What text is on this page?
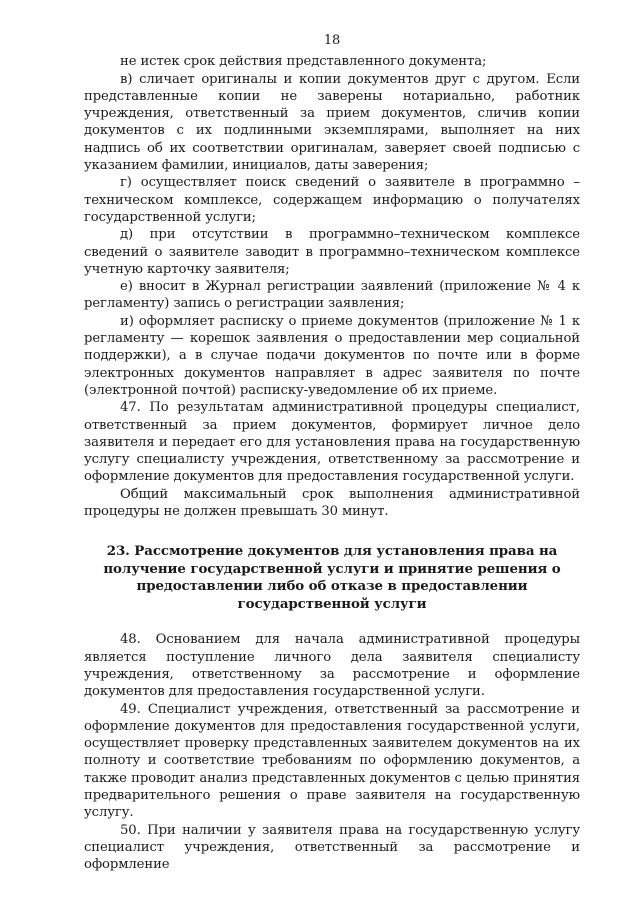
18

не истек срок действия представленного документа;

в) сличает оригиналы и копии документов друг с другом. Если представленные копии не заверены нотариально, работник учреждения, ответственный за прием документов, сличив копии документов с их подлинными экземплярами, выполняет на них надпись об их соответствии оригиналам, заверяет своей подписью с указанием фамилии, инициалов, даты заверения;

г) осуществляет поиск сведений о заявителе в программно – техническом комплексе, содержащем информацию о получателях государственной услуги;

д) при отсутствии в программно–техническом комплексе сведений о заявителе заводит в программно–техническом комплексе учетную карточку заявителя;

е) вносит в Журнал регистрации заявлений (приложение № 4 к регламенту) запись о регистрации заявления;

и) оформляет расписку о приеме документов (приложение № 1 к регламенту — корешок заявления о предоставлении мер социальной поддержки), а в случае подачи документов по почте или в форме электронных документов направляет в адрес заявителя по почте (электронной почтой) расписку-уведомление об их приеме.

47. По результатам административной процедуры специалист, ответственный за прием документов, формирует личное дело заявителя и передает его для установления права на государственную услугу специалисту учреждения, ответственному за рассмотрение и оформление документов для предоставления государственной услуги.

Общий максимальный срок выполнения административной процедуры не должен превышать 30 минут.

23. Рассмотрение документов для установления права на получение государственной услуги и принятие решения о предоставлении либо об отказе в предоставлении государственной услуги

48. Основанием для начала административной процедуры является поступление личного дела заявителя специалисту учреждения, ответственному за рассмотрение и оформление документов для предоставления государственной услуги.

49. Специалист учреждения, ответственный за рассмотрение и оформление документов для предоставления государственной услуги, осуществляет проверку представленных заявителем документов на их полноту и соответствие требованиям по оформлению документов, а также проводит анализ представленных документов с целью принятия предварительного решения о праве заявителя на государственную услугу.

50. При наличии у заявителя права на государственную услугу специалист учреждения, ответственный за рассмотрение и оформление
